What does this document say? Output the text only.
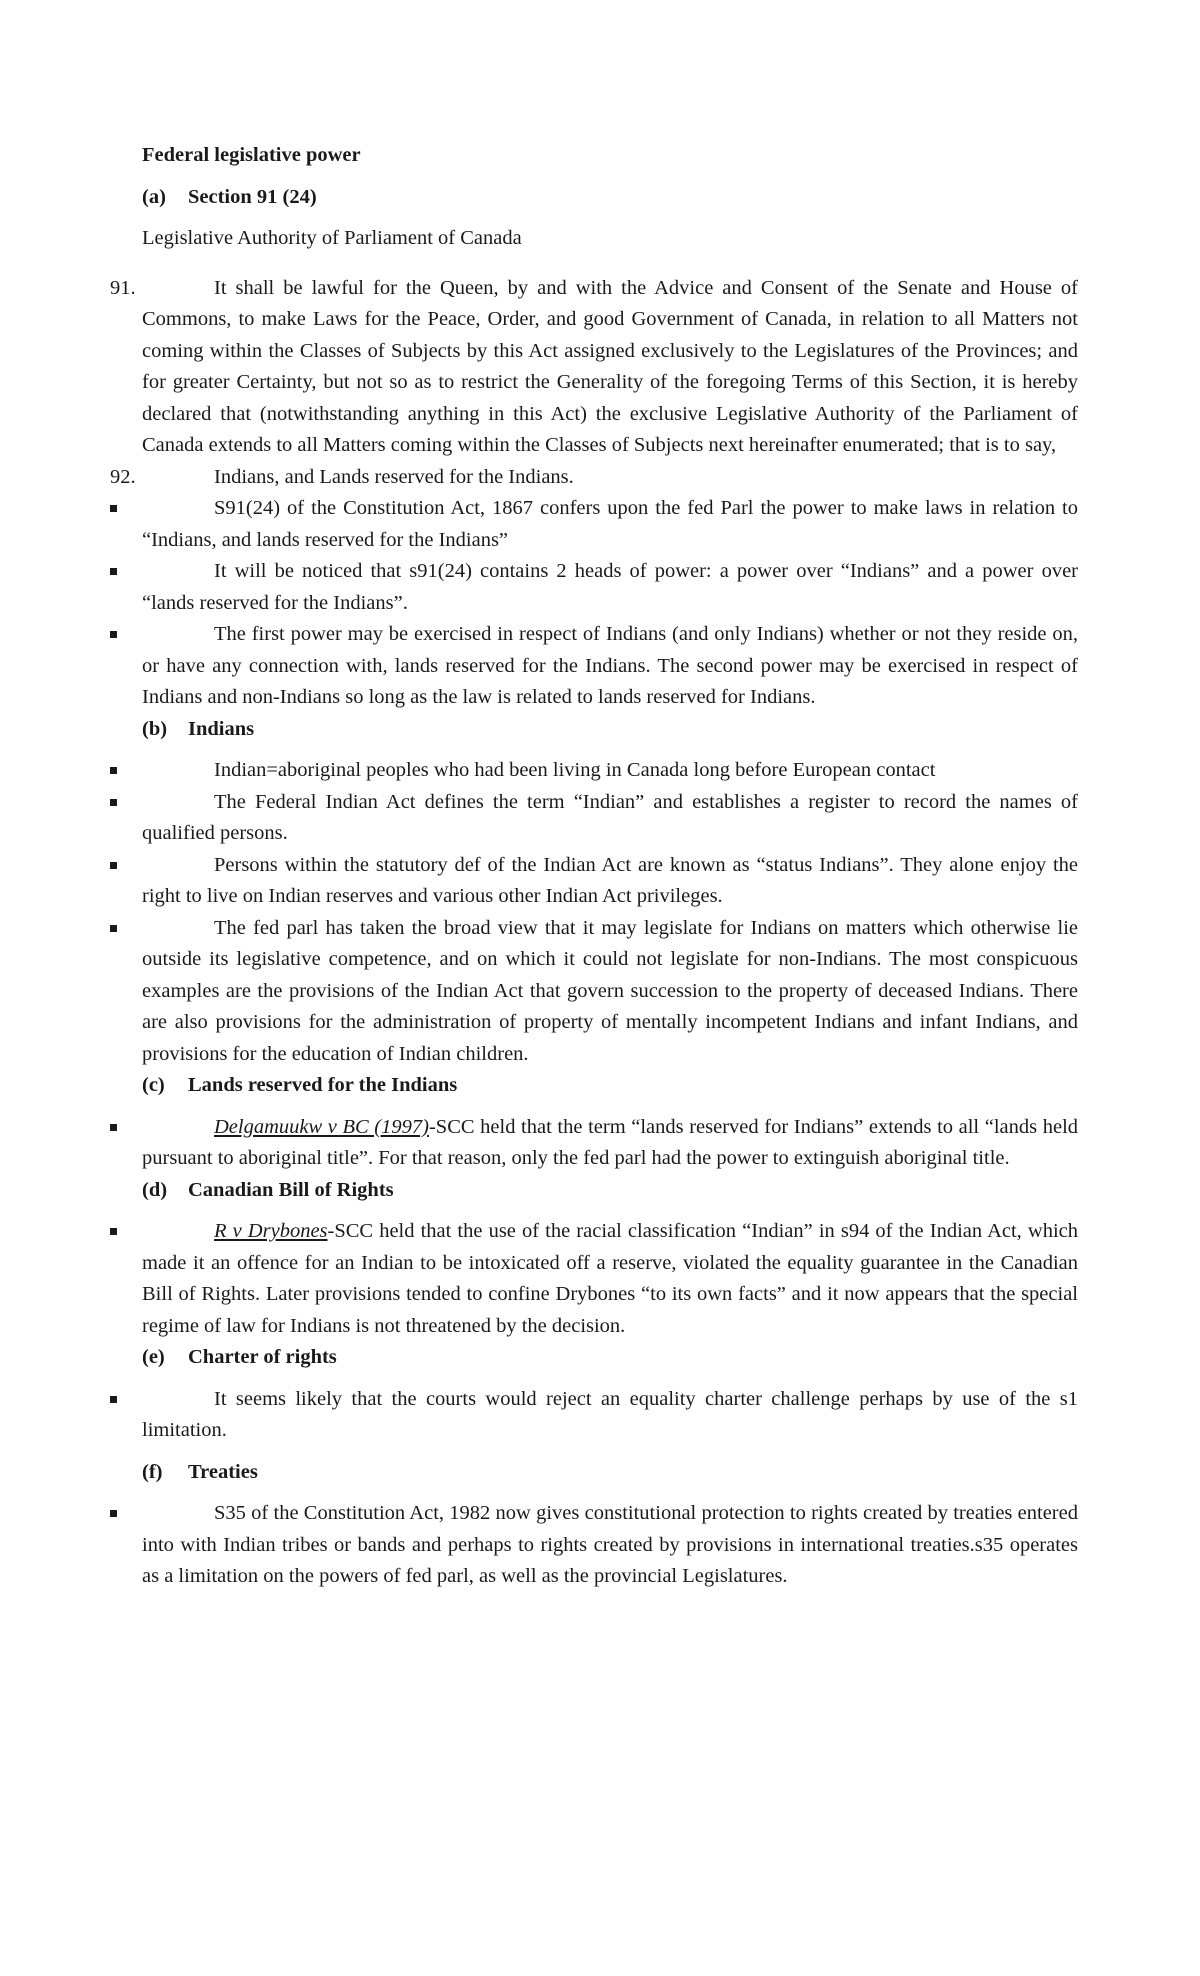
Federal legislative power
(a) Section 91 (24)
Legislative Authority of Parliament of Canada
91.	It shall be lawful for the Queen, by and with the Advice and Consent of the Senate and House of Commons, to make Laws for the Peace, Order, and good Government of Canada, in relation to all Matters not coming within the Classes of Subjects by this Act assigned exclusively to the Legislatures of the Provinces; and for greater Certainty, but not so as to restrict the Generality of the foregoing Terms of this Section, it is hereby declared that (notwithstanding anything in this Act) the exclusive Legislative Authority of the Parliament of Canada extends to all Matters coming within the Classes of Subjects next hereinafter enumerated; that is to say,
92.	Indians, and Lands reserved for the Indians.
S91(24) of the Constitution Act, 1867 confers upon the fed Parl the power to make laws in relation to “Indians, and lands reserved for the Indians”
It will be noticed that s91(24) contains 2 heads of power: a power over “Indians” and a power over “lands reserved for the Indians”.
The first power may be exercised in respect of Indians (and only Indians) whether or not they reside on, or have any connection with, lands reserved for the Indians. The second power may be exercised in respect of Indians and non-Indians so long as the law is related to lands reserved for Indians.
(b) Indians
Indian=aboriginal peoples who had been living in Canada long before European contact
The Federal Indian Act defines the term “Indian” and establishes a register to record the names of qualified persons.
Persons within the statutory def of the Indian Act are known as “status Indians”. They alone enjoy the right to live on Indian reserves and various other Indian Act privileges.
The fed parl has taken the broad view that it may legislate for Indians on matters which otherwise lie outside its legislative competence, and on which it could not legislate for non-Indians. The most conspicuous examples are the provisions of the Indian Act that govern succession to the property of deceased Indians. There are also provisions for the administration of property of mentally incompetent Indians and infant Indians, and provisions for the education of Indian children.
(c) Lands reserved for the Indians
Delgamuukw v BC (1997)-SCC held that the term “lands reserved for Indians” extends to all “lands held pursuant to aboriginal title”. For that reason, only the fed parl had the power to extinguish aboriginal title.
(d) Canadian Bill of Rights
R v Drybones-SCC held that the use of the racial classification “Indian” in s94 of the Indian Act, which made it an offence for an Indian to be intoxicated off a reserve, violated the equality guarantee in the Canadian Bill of Rights. Later provisions tended to confine Drybones “to its own facts” and it now appears that the special regime of law for Indians is not threatened by the decision.
(e) Charter of rights
It seems likely that the courts would reject an equality charter challenge perhaps by use of the s1 limitation.
(f) Treaties
S35 of the Constitution Act, 1982 now gives constitutional protection to rights created by treaties entered into with Indian tribes or bands and perhaps to rights created by provisions in international treaties.s35 operates as a limitation on the powers of fed parl, as well as the provincial Legislatures.
